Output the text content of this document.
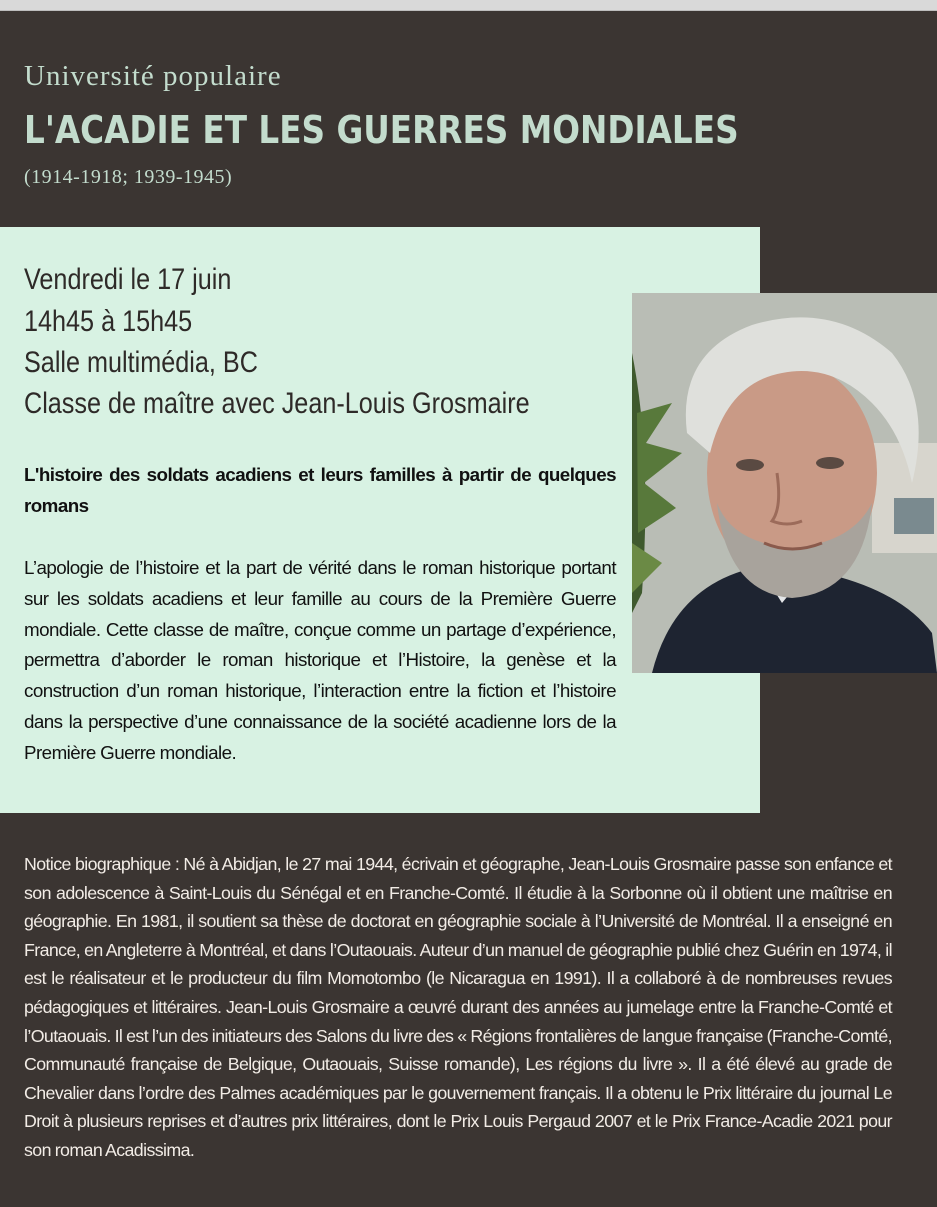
Université populaire
L'ACADIE ET LES GUERRES MONDIALES
(1914-1918; 1939-1945)
Vendredi le 17 juin
14h45 à 15h45
Salle multimédia, BC
Classe de maître avec Jean-Louis Grosmaire
L'histoire des soldats acadiens et leurs familles à partir de quelques romans
L’apologie de l’histoire et la part de vérité dans le roman historique portant sur les soldats acadiens et leur famille au cours de la Première Guerre mondiale. Cette classe de maître, conçue comme un partage d’expérience, permettra d’aborder le roman historique et l’Histoire, la genèse et la construction d’un roman historique, l’interaction entre la fiction et l’histoire dans la perspective d’une connaissance de la société acadienne lors de la Première Guerre mondiale.
Notice biographique : Né à Abidjan, le 27 mai 1944, écrivain et géographe, Jean-Louis Grosmaire passe son enfance et son adolescence à Saint-Louis du Sénégal et en Franche-Comté. Il étudie à la Sorbonne où il obtient une maîtrise en géographie. En 1981, il soutient sa thèse de doctorat en géographie sociale à l’Université de Montréal. Il a enseigné en France, en Angleterre à Montréal, et dans l’Outaouais. Auteur d’un manuel de géographie publié chez Guérin en 1974, il est le réalisateur et le producteur du film Momotombo (le Nicaragua en 1991). Il a collaboré à de nombreuses revues pédagogiques et littéraires. Jean-Louis Grosmaire a œuvré durant des années au jumelage entre la Franche-Comté et l’Outaouais. Il est l’un des initiateurs des Salons du livre des « Régions frontalières de langue française (Franche-Comté, Communauté française de Belgique, Outaouais, Suisse romande), Les régions du livre ». Il a été élevé au grade de Chevalier dans l’ordre des Palmes académiques par le gouvernement français. Il a obtenu le Prix littéraire du journal Le Droit à plusieurs reprises et d’autres prix littéraires, dont le Prix Louis Pergaud 2007 et le Prix France-Acadie 2021 pour son roman Acadissima.
